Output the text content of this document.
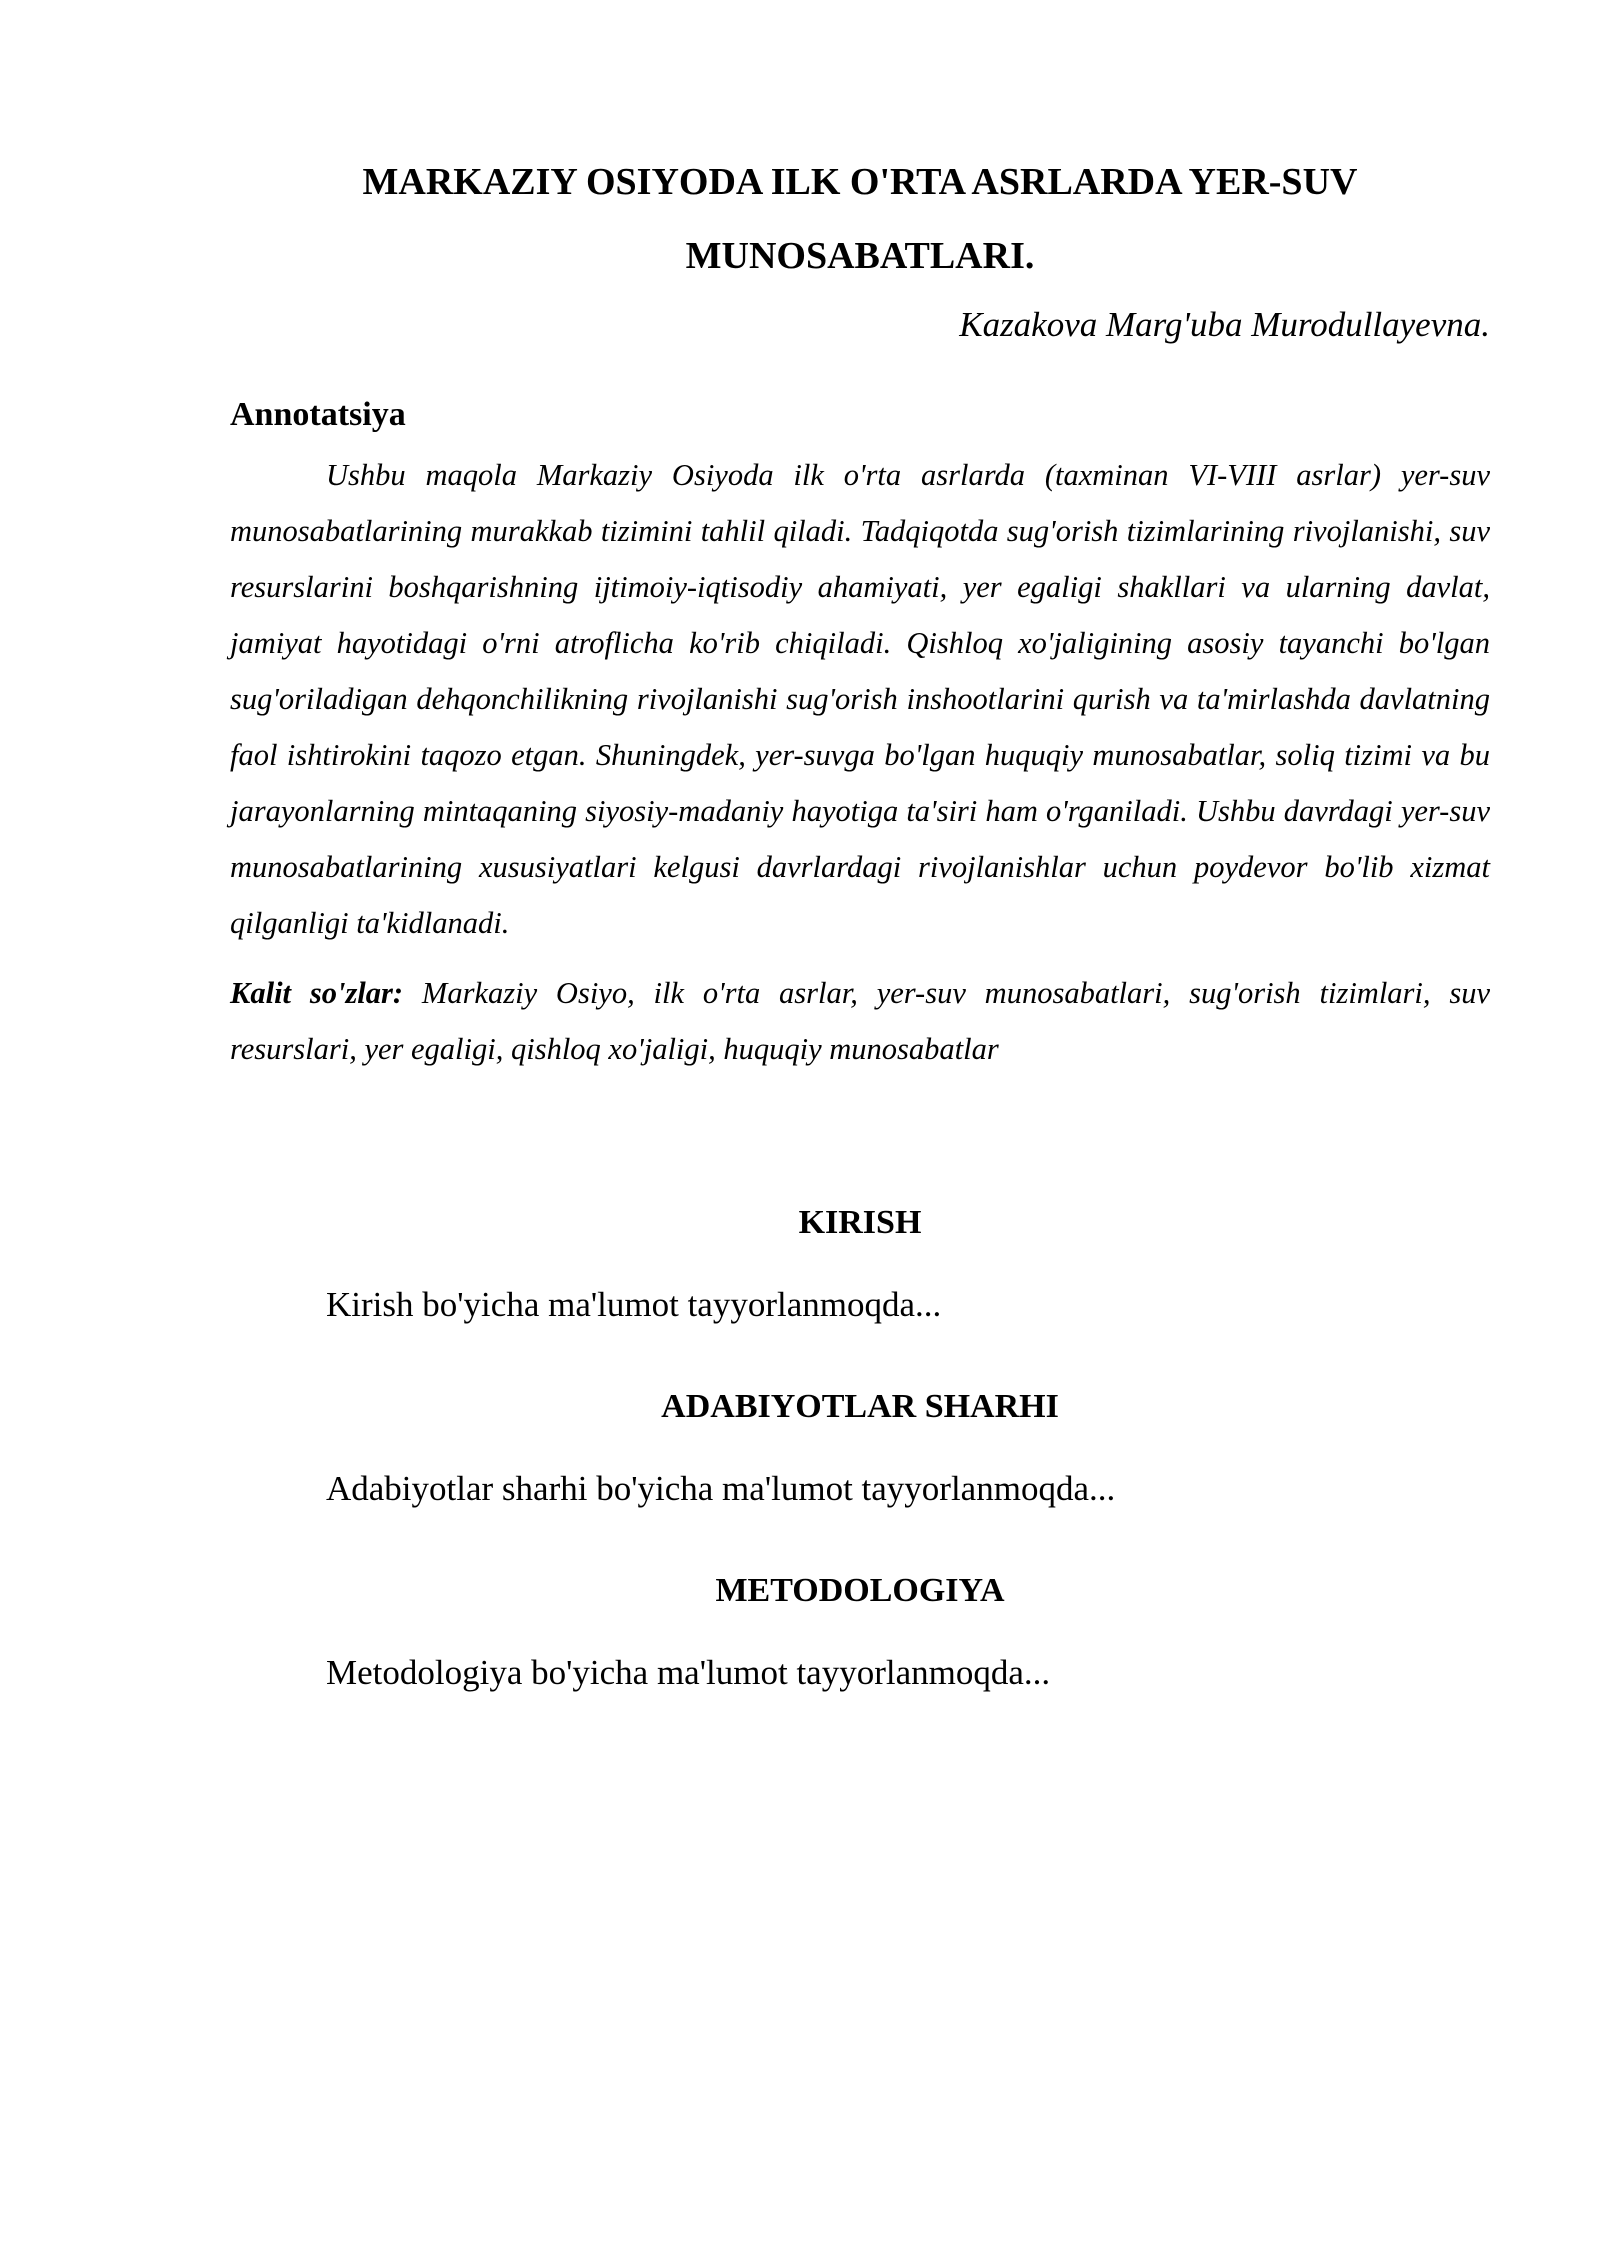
MARKAZIY OSIYODA ILK O'RTA ASRLARDA YER-SUV MUNOSABATLARI.

Kazakova Marg'uba Murodullayevna.

Annotatsiya

Ushbu maqola Markaziy Osiyoda ilk o'rta asrlarda (taxminan VI-VIII asrlar) yer-suv munosabatlarining murakkab tizimini tahlil qiladi. Tadqiqotda sug'orish tizimlarining rivojlanishi, suv resurslarini boshqarishning ijtimoiy-iqtisodiy ahamiyati, yer egaligi shakllari va ularning davlat, jamiyat hayotidagi o'rni atroflicha ko'rib chiqiladi. Qishloq xo'jaligining asosiy tayanchi bo'lgan sug'oriladigan dehqonchilikning rivojlanishi sug'orish inshootlarini qurish va ta'mirlashda davlatning faol ishtirokini taqozo etgan. Shuningdek, yer-suvga bo'lgan huquqiy munosabatlar, soliq tizimi va bu jarayonlarning mintaqaning siyosiy-madaniy hayotiga ta'siri ham o'rganiladi. Ushbu davrdagi yer-suv munosabatlarining xususiyatlari kelgusi davrlardagi rivojlanishlar uchun poydevor bo'lib xizmat qilganligi ta'kidlanadi.

Kalit so'zlar: Markaziy Osiyo, ilk o'rta asrlar, yer-suv munosabatlari, sug'orish tizimlari, suv resurslari, yer egaligi, qishloq xo'jaligi, huquqiy munosabatlar

KIRISH

Kirish bo'yicha ma'lumot tayyorlanmoqda...

ADABIYOTLAR SHARHI

Adabiyotlar sharhi bo'yicha ma'lumot tayyorlanmoqda...

METODOLOGIYA

Metodologiya bo'yicha ma'lumot tayyorlanmoqda...
